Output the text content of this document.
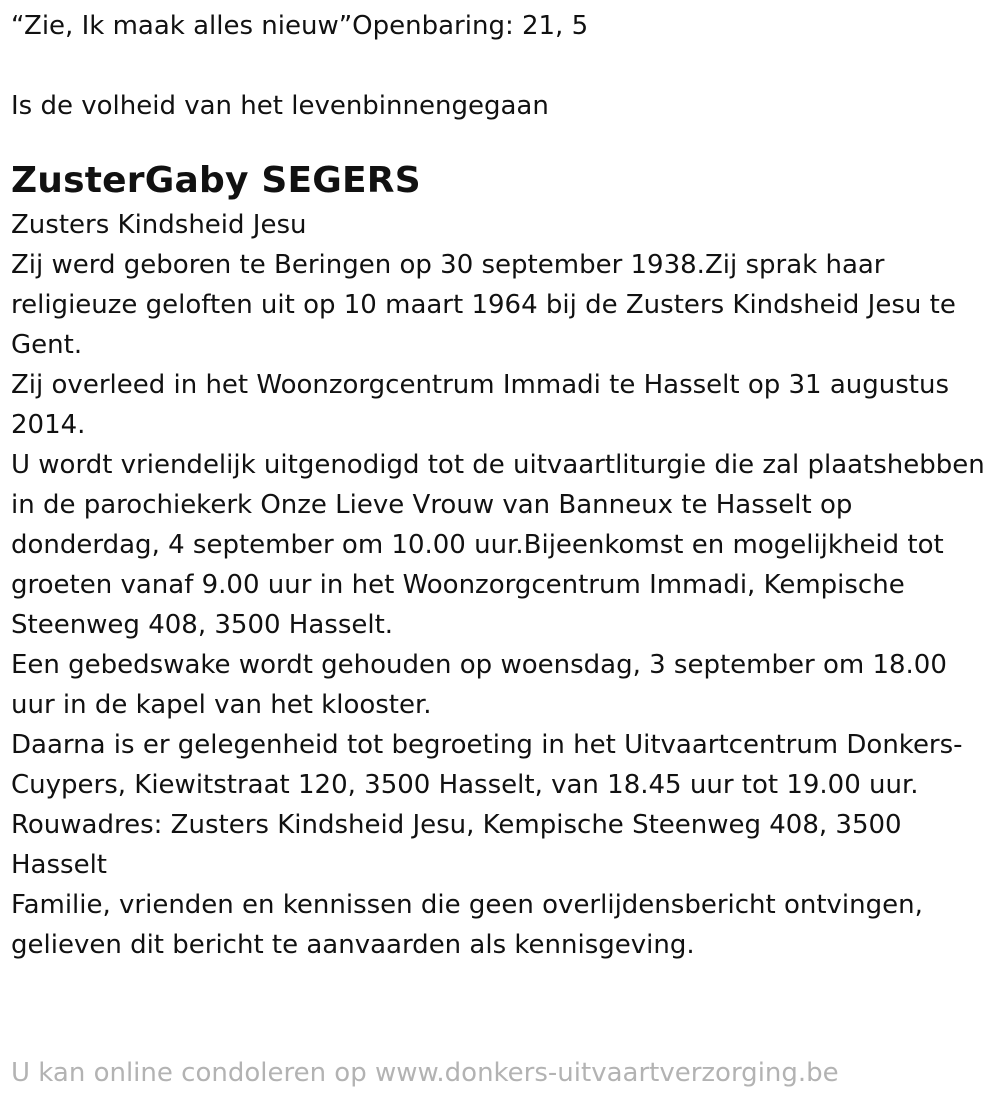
“Zie, Ik maak alles nieuw”Openbaring: 21, 5

Is de volheid van het levenbinnengegaan

ZusterGaby SEGERS

Zusters Kindsheid Jesu

Zij werd geboren te Beringen op 30 september 1938.Zij sprak haar religieuze geloften uit op 10 maart 1964 bij de Zusters Kindsheid Jesu te Gent.

Zij overleed in het Woonzorgcentrum Immadi te Hasselt op 31 augustus 2014.

U wordt vriendelijk uitgenodigd tot de uitvaartliturgie die zal plaatshebben in de parochiekerk Onze Lieve Vrouw van Banneux te Hasselt op donderdag, 4 september om 10.00 uur.Bijeenkomst en mogelijkheid tot groeten vanaf 9.00 uur in het Woonzorgcentrum Immadi, Kempische Steenweg 408, 3500 Hasselt.

Een gebedswake wordt gehouden op woensdag, 3 september om 18.00 uur in de kapel van het klooster.

Daarna is er gelegenheid tot begroeting in het Uitvaartcentrum Donkers-Cuypers, Kiewitstraat 120, 3500 Hasselt, van 18.45 uur tot 19.00 uur.

Rouwadres: Zusters Kindsheid Jesu, Kempische Steenweg 408, 3500 Hasselt

Familie, vrienden en kennissen die geen overlijdensbericht ontvingen, gelieven dit bericht te aanvaarden als kennisgeving.

U kan online condoleren op www.donkers-uitvaartverzorging.be
